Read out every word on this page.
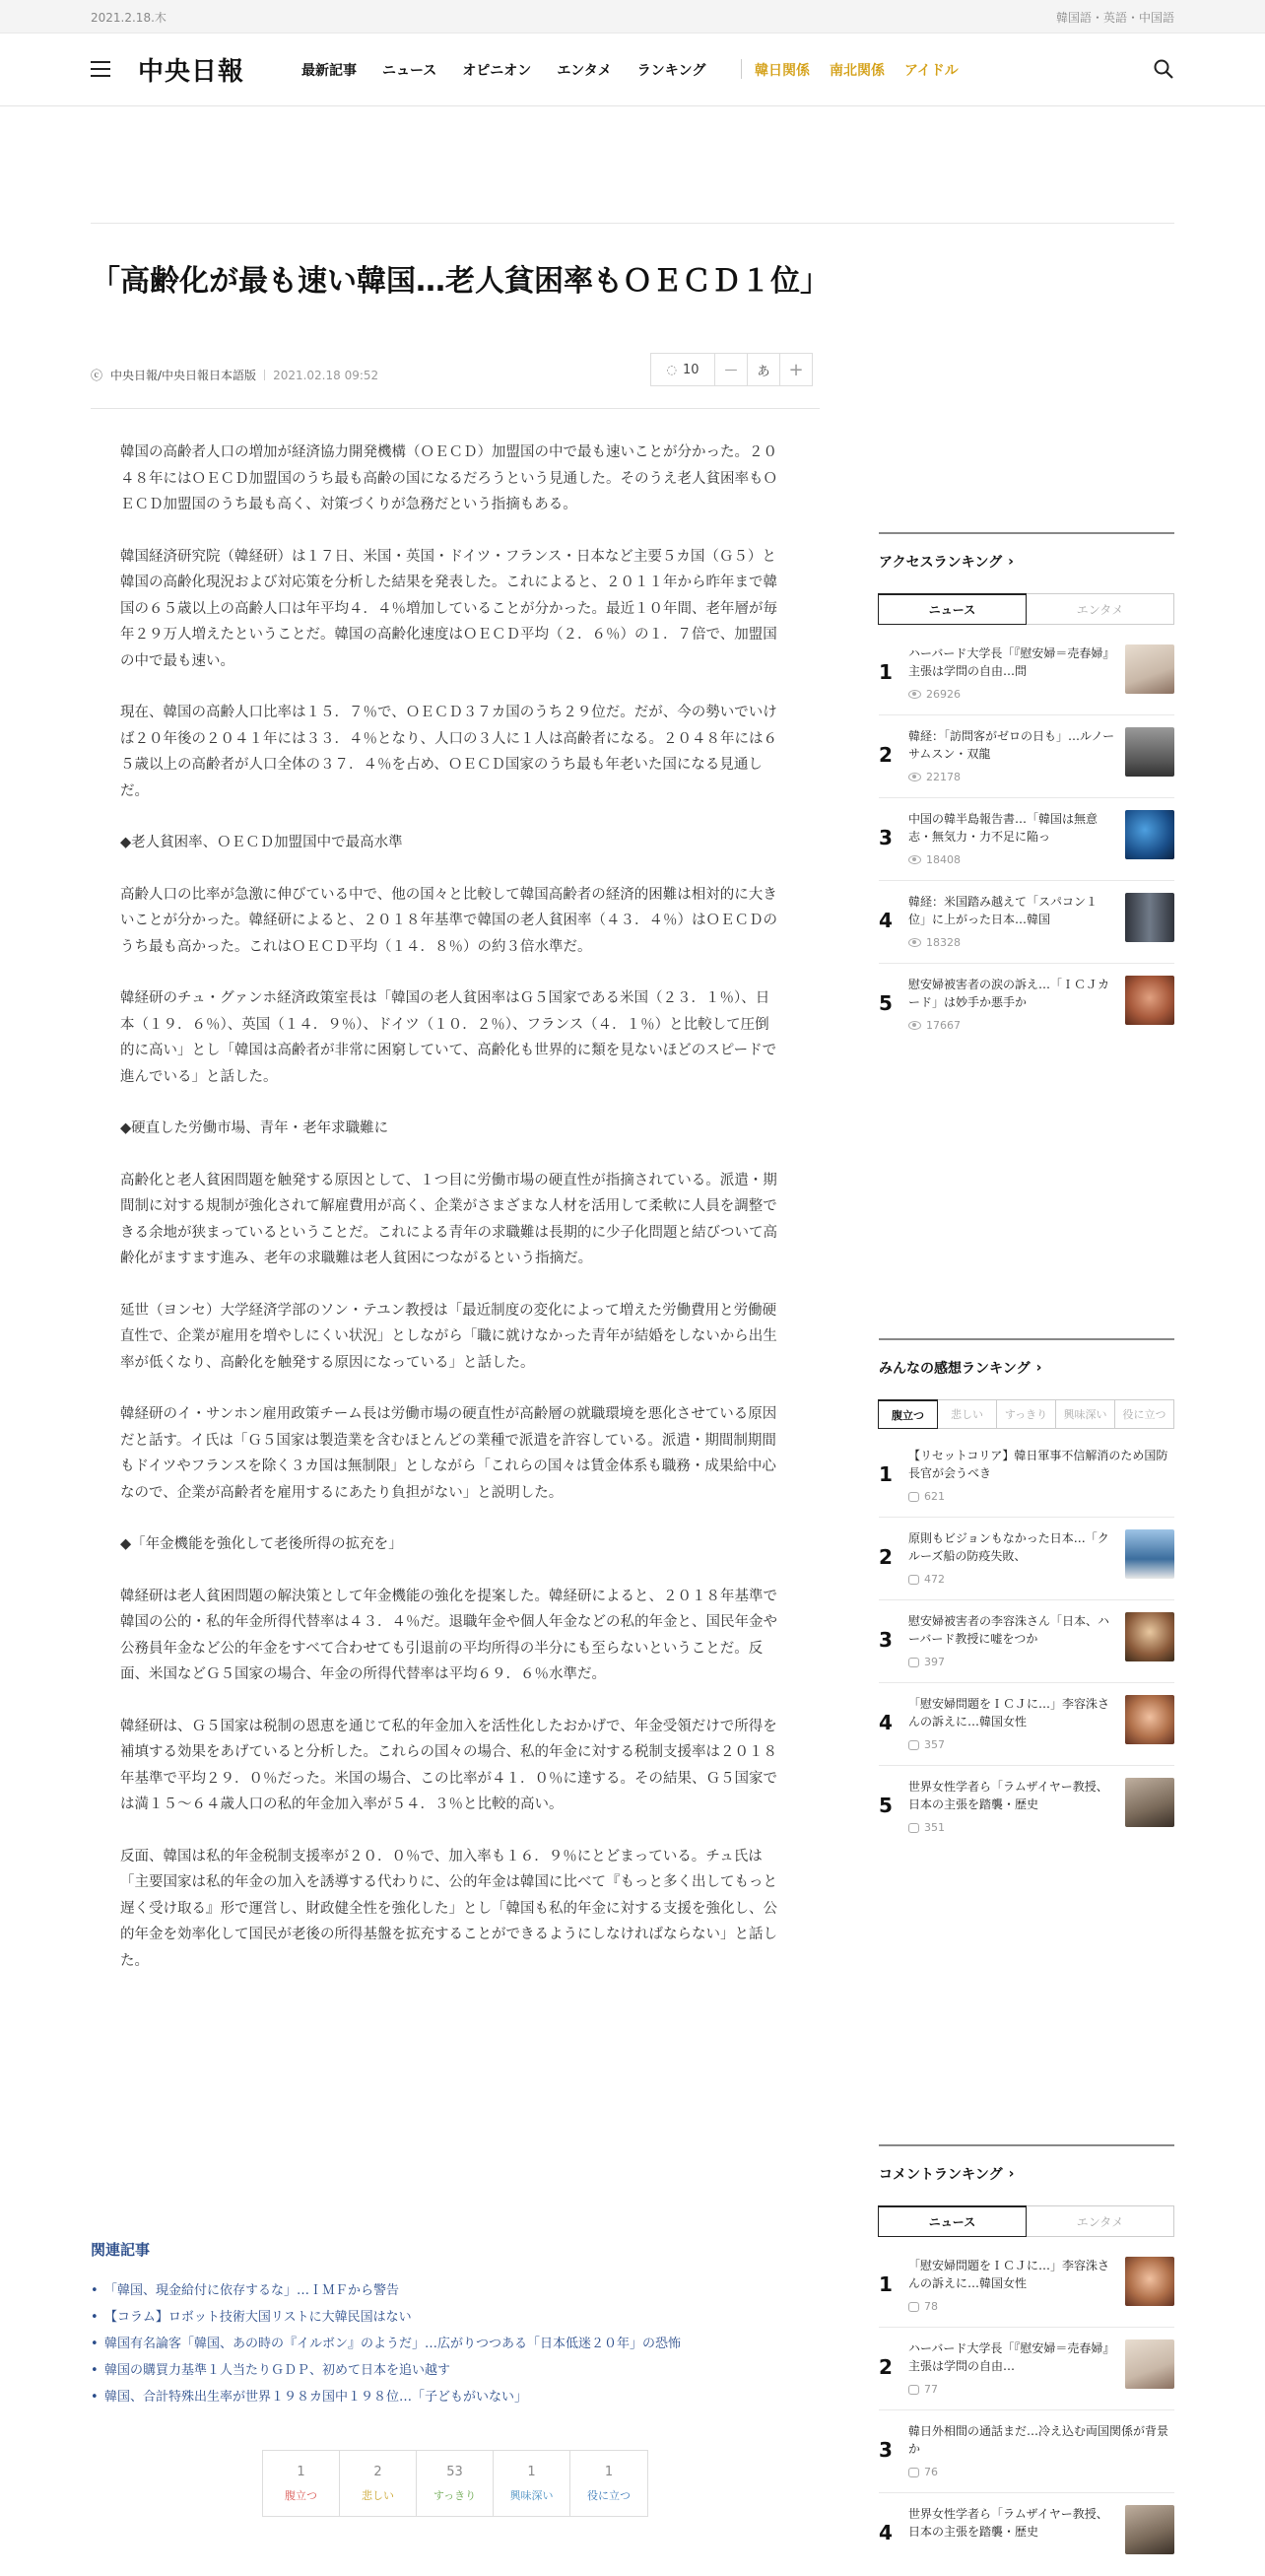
2021.2.18.木	韓国語・英語・中国語
中央日報	最新記事 ニュース オピニオン エンタメ ランキング	韓日関係 南北関係 アイドル
「高齢化が最も速い韓国…老人貧困率もＯＥＣＤ１位」
ⓒ 中央日報/中央日報日本語版 2021.02.18 09:52	◌ 10 —	あ	+

韓国の高齢者人口の増加が経済協力開発機構（ＯＥＣＤ）加盟国の中で最も速いことが分かった。２０４８年にはＯＥＣＤ加盟国のうち最も高齢の国になるだろうという見通した。そのうえ老人貧困率もＯＥＣＤ加盟国のうち最も高く、対策づくりが急務だという指摘もある。

韓国経済研究院（韓経研）は１７日、米国・英国・ドイツ・フランス・日本など主要５カ国（Ｇ５）と韓国の高齢化現況および対応策を分析した結果を発表した。これによると、２０１１年から昨年まで韓国の６５歳以上の高齢人口は年平均４．４％増加していることが分かった。最近１０年間、老年層が毎年２９万人増えたということだ。韓国の高齢化速度はＯＥＣＤ平均（２．６％）の１．７倍で、加盟国の中で最も速い。

現在、韓国の高齢人口比率は１５．７％で、ＯＥＣＤ３７カ国のうち２９位だ。だが、今の勢いでいけば２０年後の２０４１年には３３．４％となり、人口の３人に１人は高齢者になる。２０４８年には６５歳以上の高齢者が人口全体の３７．４％を占め、ＯＥＣＤ国家のうち最も年老いた国になる見通しだ。

◆老人貧困率、ＯＥＣＤ加盟国中で最高水準

高齢人口の比率が急激に伸びている中で、他の国々と比較して韓国高齢者の経済的困難は相対的に大きいことが分かった。韓経研によると、２０１８年基準で韓国の老人貧困率（４３．４％）はＯＥＣＤのうち最も高かった。これはＯＥＣＤ平均（１４．８％）の約３倍水準だ。

韓経研のチュ・グァンホ経済政策室長は「韓国の老人貧困率はＧ５国家である米国（２３．１％）、日本（１９．６％）、英国（１４．９％）、ドイツ（１０．２％）、フランス（４．１％）と比較して圧倒的に高い」とし「韓国は高齢者が非常に困窮していて、高齢化も世界的に類を見ないほどのスピードで進んでいる」と話した。

◆硬直した労働市場、青年・老年求職難に

高齢化と老人貧困問題を触発する原因として、１つ目に労働市場の硬直性が指摘されている。派遣・期間制に対する規制が強化されて解雇費用が高く、企業がさまざまな人材を活用して柔軟に人員を調整できる余地が狭まっているということだ。これによる青年の求職難は長期的に少子化問題と結びついて高齢化がますます進み、老年の求職難は老人貧困につながるという指摘だ。

延世（ヨンセ）大学経済学部のソン・テユン教授は「最近制度の変化によって増えた労働費用と労働硬直性で、企業が雇用を増やしにくい状況」としながら「職に就けなかった青年が結婚をしないから出生率が低くなり、高齢化を触発する原因になっている」と話した。

韓経研のイ・サンホン雇用政策チーム長は労働市場の硬直性が高齢層の就職環境を悪化させている原因だと話す。イ氏は「Ｇ５国家は製造業を含むほとんどの業種で派遣を許容している。派遣・期間制期間もドイツやフランスを除く３カ国は無制限」としながら「これらの国々は賃金体系も職務・成果給中心なので、企業が高齢者を雇用するにあたり負担がない」と説明した。

◆「年金機能を強化して老後所得の拡充を」

韓経研は老人貧困問題の解決策として年金機能の強化を提案した。韓経研によると、２０１８年基準で韓国の公的・私的年金所得代替率は４３．４％だ。退職年金や個人年金などの私的年金と、国民年金や公務員年金など公的年金をすべて合わせても引退前の平均所得の半分にも至らないということだ。反面、米国などＧ５国家の場合、年金の所得代替率は平均６９．６％水準だ。

韓経研は、Ｇ５国家は税制の恩恵を通じて私的年金加入を活性化したおかげで、年金受領だけで所得を補填する効果をあげていると分析した。これらの国々の場合、私的年金に対する税制支援率は２０１８年基準で平均２９．０％だった。米国の場合、この比率が４１．０％に達する。その結果、Ｇ５国家では満１５～６４歳人口の私的年金加入率が５４．３％と比較的高い。

反面、韓国は私的年金税制支援率が２０．０％で、加入率も１６．９％にとどまっている。チュ氏は「主要国家は私的年金の加入を誘導する代わりに、公的年金は韓国に比べて『もっと多く出してもっと遅く受け取る』形で運営し、財政健全性を強化した」とし「韓国も私的年金に対する支援を強化し、公的年金を効率化して国民が老後の所得基盤を拡充することができるようにしなければならない」と話した。

関連記事
• 「韓国、現金給付に依存するな」…ＩＭＦから警告
• 【コラム】ロボット技術大国リストに大韓民国はない
• 韓国有名論客「韓国、あの時の『イルボン』のようだ」…広がりつつある「日本低迷２０年」の恐怖
• 韓国の購買力基準１人当たりＧＤＰ、初めて日本を追い越す
• 韓国、合計特殊出生率が世界１９８カ国中１９８位…「子どもがいない」
1
腹立つ
2
悲しい
53
すっきり
1
興味深い
1
役に立つ
アクセスランキング ›
ニュース	エンタメ
1
ハーバード大学長「『慰安婦＝売春婦』主張は学問の自由…問
26926
2
韓経：「訪問客がゼロの日も」…ルノーサムスン・双龍
22178
3
中国の韓半島報告書…「韓国は無意志・無気力・力不足に陥っ
18408
4
韓経：米国踏み越えて「スパコン１位」に上がった日本…韓国
18328
5
慰安婦被害者の涙の訴え…「ＩＣＪカード」は妙手か悪手か
17667
みんなの感想ランキング ›
腹立つ	悲しい	すっきり	興味深い	役に立つ
1
【リセットコリア】韓日軍事不信解消のため国防長官が会うべき
621
2
原則もビジョンもなかった日本…「クルーズ船の防疫失敗、
472
3
慰安婦被害者の李容洙さん「日本、ハーバード教授に嘘をつか
397
4
「慰安婦問題をＩＣＪに…」李容洙さんの訴えに…韓国女性
357
5
世界女性学者ら「ラムザイヤー教授、日本の主張を踏襲・歴史
351
コメントランキング ›
ニュース	エンタメ
1
「慰安婦問題をＩＣＪに…」李容洙さんの訴えに…韓国女性
78
2
ハーバード大学長「『慰安婦＝売春婦』主張は学問の自由…
77
3
韓日外相間の通話まだ…冷え込む両国関係が背景か
76
4
世界女性学者ら「ラムザイヤー教授、日本の主張を踏襲・歴史
